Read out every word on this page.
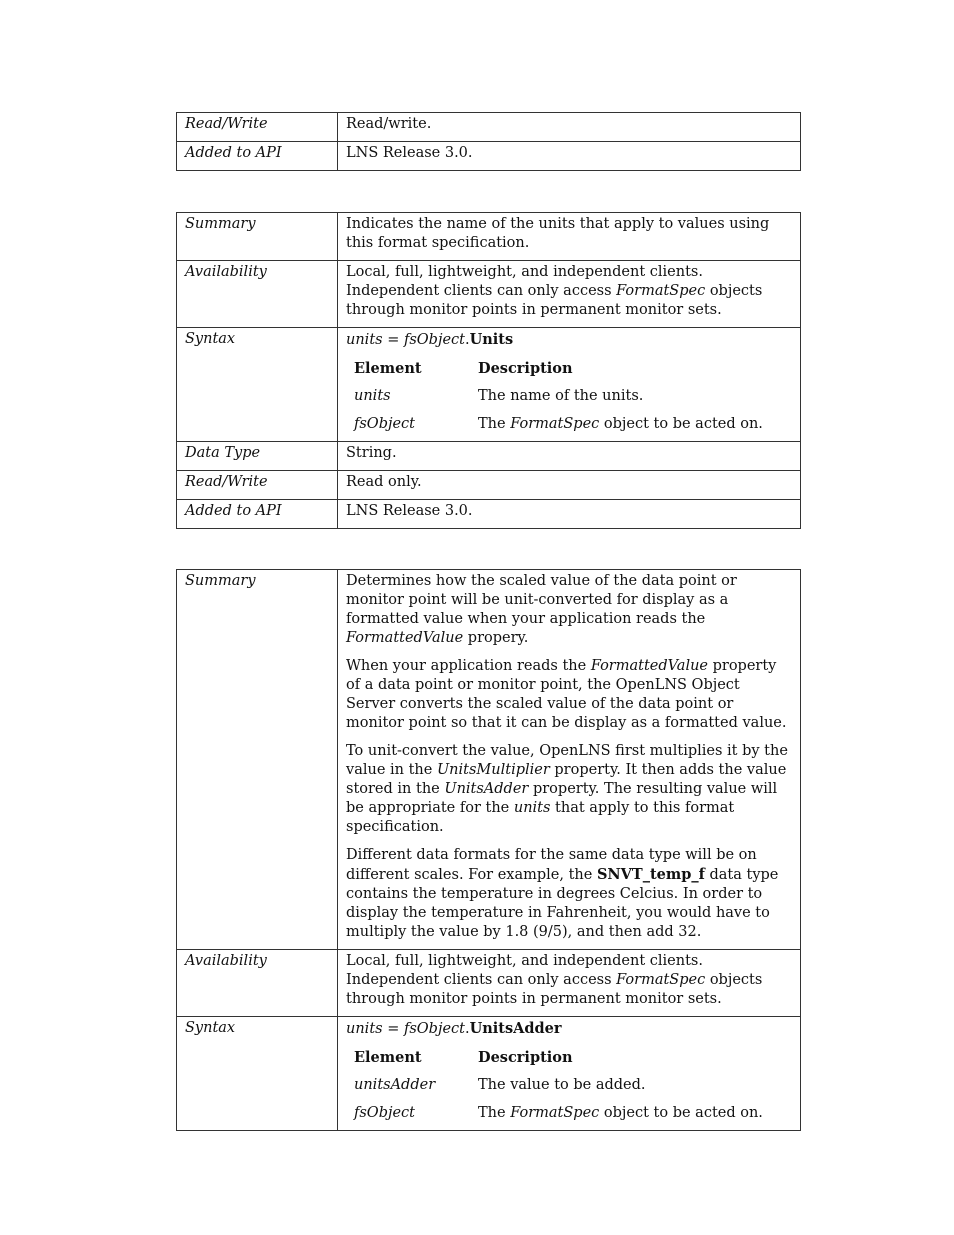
Read/Write	Read/write.
Added to API	LNS Release 3.0.
Summary	Indicates the name of the units that apply to values using this format specification.
Availability	Local, full, lightweight, and independent clients. Independent clients can only access FormatSpec objects through monitor points in permanent monitor sets.
Syntax	units = fsObject.Units
Element	Description
units	The name of the units.
fsObject	The FormatSpec object to be acted on.

Data Type	String.
Read/Write	Read only.
Added to API	LNS Release 3.0.
Summary	Determines how the scaled value of the data point or monitor point will be unit-converted for display as a formatted value when your application reads the FormattedValue propery.

When your application reads the FormattedValue property of a data point or monitor point, the OpenLNS Object Server converts the scaled value of the data point or monitor point so that it can be display as a formatted value.

To unit-convert the value, OpenLNS first multiplies it by the value in the UnitsMultiplier property. It then adds the value stored in the UnitsAdder property. The resulting value will be appropriate for the units that apply to this format specification.

Different data formats for the same data type will be on different scales. For example, the SNVT_temp_f data type contains the temperature in degrees Celcius. In order to display the temperature in Fahrenheit, you would have to multiply the value by 1.8 (9/5), and then add 32.

Availability	Local, full, lightweight, and independent clients. Independent clients can only access FormatSpec objects through monitor points in permanent monitor sets.
Syntax	units = fsObject.UnitsAdder
Element	Description
unitsAdder	The value to be added.
fsObject	The FormatSpec object to be acted on.
